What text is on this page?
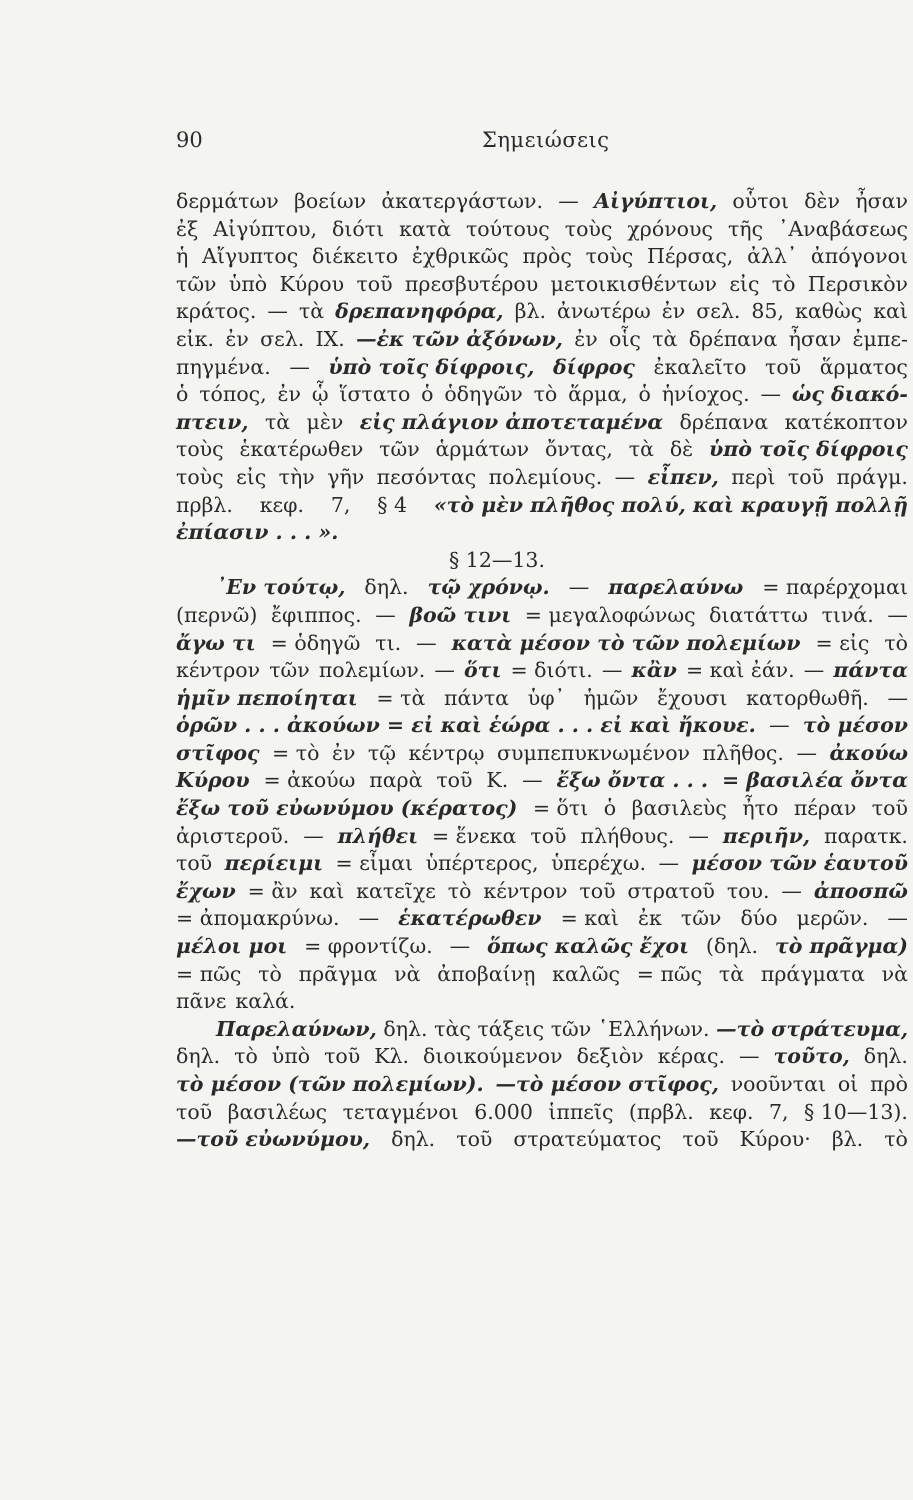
90	Σημειώσεις
δερμάτων βοείων ἀκατεργάστων. — Αἰγύπτιοι, οὗτοι δὲν ἦσαν
ἐξ Αἰγύπτου, διότι κατὰ τούτους τοὺς χρόνους τῆς ᾿Αναβάσεως
ἡ Αἴγυπτος διέκειτο ἐχθρικῶς πρὸς τοὺς Πέρσας, ἀλλ᾿ ἀπόγονοι
τῶν ὑπὸ Κύρου τοῦ πρεσβυτέρου μετοικισθέντων εἰς τὸ Περσικὸν
κράτος. — τὰ δρεπανηφόρα, βλ. ἀνωτέρω ἐν σελ. 85, καθὼς καὶ
εἰκ. ἐν σελ. IX. —ἐκ τῶν ἀξόνων, ἐν οἷς τὰ δρέπανα ἦσαν ἐμπε-
πηγμένα. — ὑπὸ τοῖς δίφροις, δίφρος ἐκαλεῖτο τοῦ ἅρματος
ὁ τόπος, ἐν ᾧ ἵστατο ὁ ὁδηγῶν τὸ ἅρμα, ὁ ἡνίοχος. — ὡς διακό-
πτειν, τὰ μὲν εἰς πλάγιον ἀποτεταμένα δρέπανα κατέκοπτον
τοὺς ἑκατέρωθεν τῶν ἁρμάτων ὄντας, τὰ δὲ ὑπὸ τοῖς δίφροις
τοὺς εἰς τὴν γῆν πεσόντας πολεμίους. — εἶπεν, περὶ τοῦ πράγμ.
πρβλ. κεφ. 7, § 4 «τὸ μὲν πλῆθος πολύ, καὶ κραυγῇ πολλῇ
ἐπίασιν . . . ».
§ 12—13.
᾿Εν τούτῳ, δηλ. τῷ χρόνῳ. — παρελαύνω = παρέρχομαι
(περνῶ) ἔφιππος. — βοῶ τινι = μεγαλοφώνως διατάττω τινά. —
ἄγω τι = ὁδηγῶ τι. — κατὰ μέσον τὸ τῶν πολεμίων = εἰς τὸ
κέντρον τῶν πολεμίων. — ὅτι = διότι. — κἂν = καὶ ἐάν. — πάντα
ἡμῖν πεποίηται = τὰ πάντα ὑφ᾿ ἡμῶν ἔχουσι κατορθωθῆ. —
ὁρῶν . . . ἀκούων = εἰ καὶ ἑώρα . . . εἰ καὶ ἤκουε. — τὸ μέσον
στῖφος = τὸ ἐν τῷ κέντρῳ συμπεπυκνωμένον πλῆθος. — ἀκούω
Κύρου = ἀκούω παρὰ τοῦ Κ. — ἔξω ὄντα . . . = βασιλέα ὄντα
ἔξω τοῦ εὐωνύμου (κέρατος) = ὅτι ὁ βασιλεὺς ἦτο πέραν τοῦ
ἀριστεροῦ. — πλήθει = ἕνεκα τοῦ πλήθους. — περιῆν, παρατκ.
τοῦ περίειμι = εἶμαι ὑπέρτερος, ὑπερέχω. — μέσον τῶν ἑαυτοῦ
ἔχων = ἂν καὶ κατεῖχε τὸ κέντρον τοῦ στρατοῦ του. — ἀποσπῶ
= ἀπομακρύνω. — ἑκατέρωθεν = καὶ ἐκ τῶν δύο μερῶν. —
μέλοι μοι = φροντίζω. — ὅπως καλῶς ἔχοι (δηλ. τὸ πρᾶγμα)
= πῶς τὸ πρᾶγμα νὰ ἀποβαίνῃ καλῶς = πῶς τὰ πράγματα νὰ
πᾶνε καλά.
Παρελαύνων, δηλ. τὰς τάξεις τῶν ῾Ελλήνων. —τὸ στράτευμα,
δηλ. τὸ ὑπὸ τοῦ Κλ. διοικούμενον δεξιὸν κέρας. — τοῦτο, δηλ.
τὸ μέσον (τῶν πολεμίων). —τὸ μέσον στῖφος, νοοῦνται οἱ πρὸ
τοῦ βασιλέως τεταγμένοι 6.000 ἱππεῖς (πρβλ. κεφ. 7, § 10—13).
—τοῦ εὐωνύμου, δηλ. τοῦ στρατεύματος τοῦ Κύρου· βλ. τὸ
